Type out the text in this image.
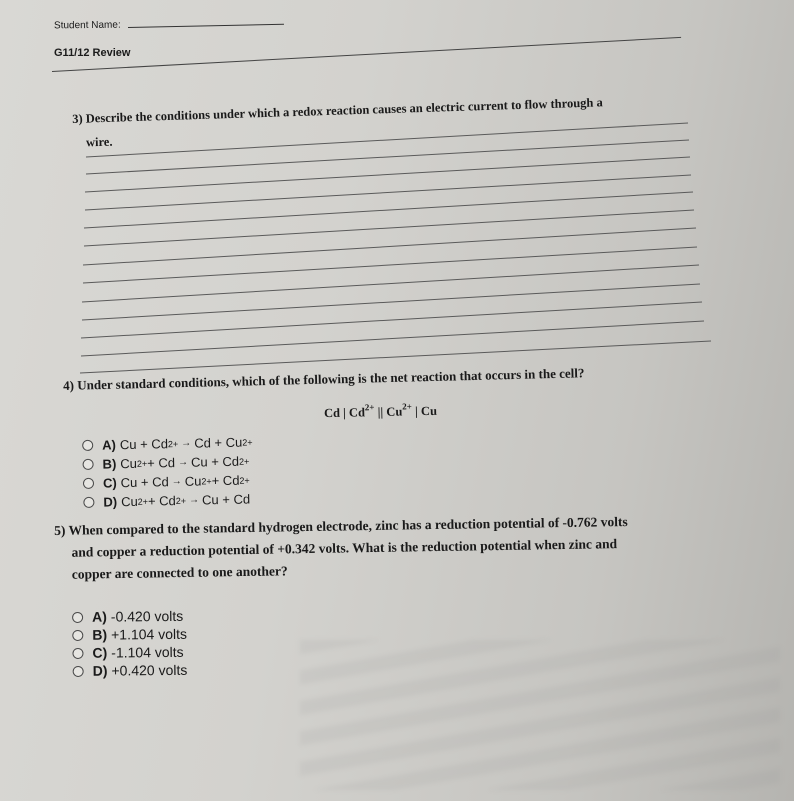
Student Name:
G11/12 Review
3) Describe the conditions under which a redox reaction causes an electric current to flow through a
wire.
4) Under standard conditions, which of the following is the net reaction that occurs in the cell?
Cd | $Cd^{2+}$ || $Cu^{2+}$ | Cu
A) Cu + Cd 2+ → Cd + Cu 2+
B) Cu 2+ + Cd → Cu + Cd 2+
C) Cu + Cd → Cu 2+ + Cd 2+
D) Cu 2+ + Cd 2+ → Cu + Cd
5) When compared to the standard hydrogen electrode, zinc has a reduction potential of -0.762 volts
and copper a reduction potential of +0.342 volts. What is the reduction potential when zinc and
copper are connected to one another?
A) -0.420 volts
B) +1.104 volts
C) -1.104 volts
D) +0.420 volts
